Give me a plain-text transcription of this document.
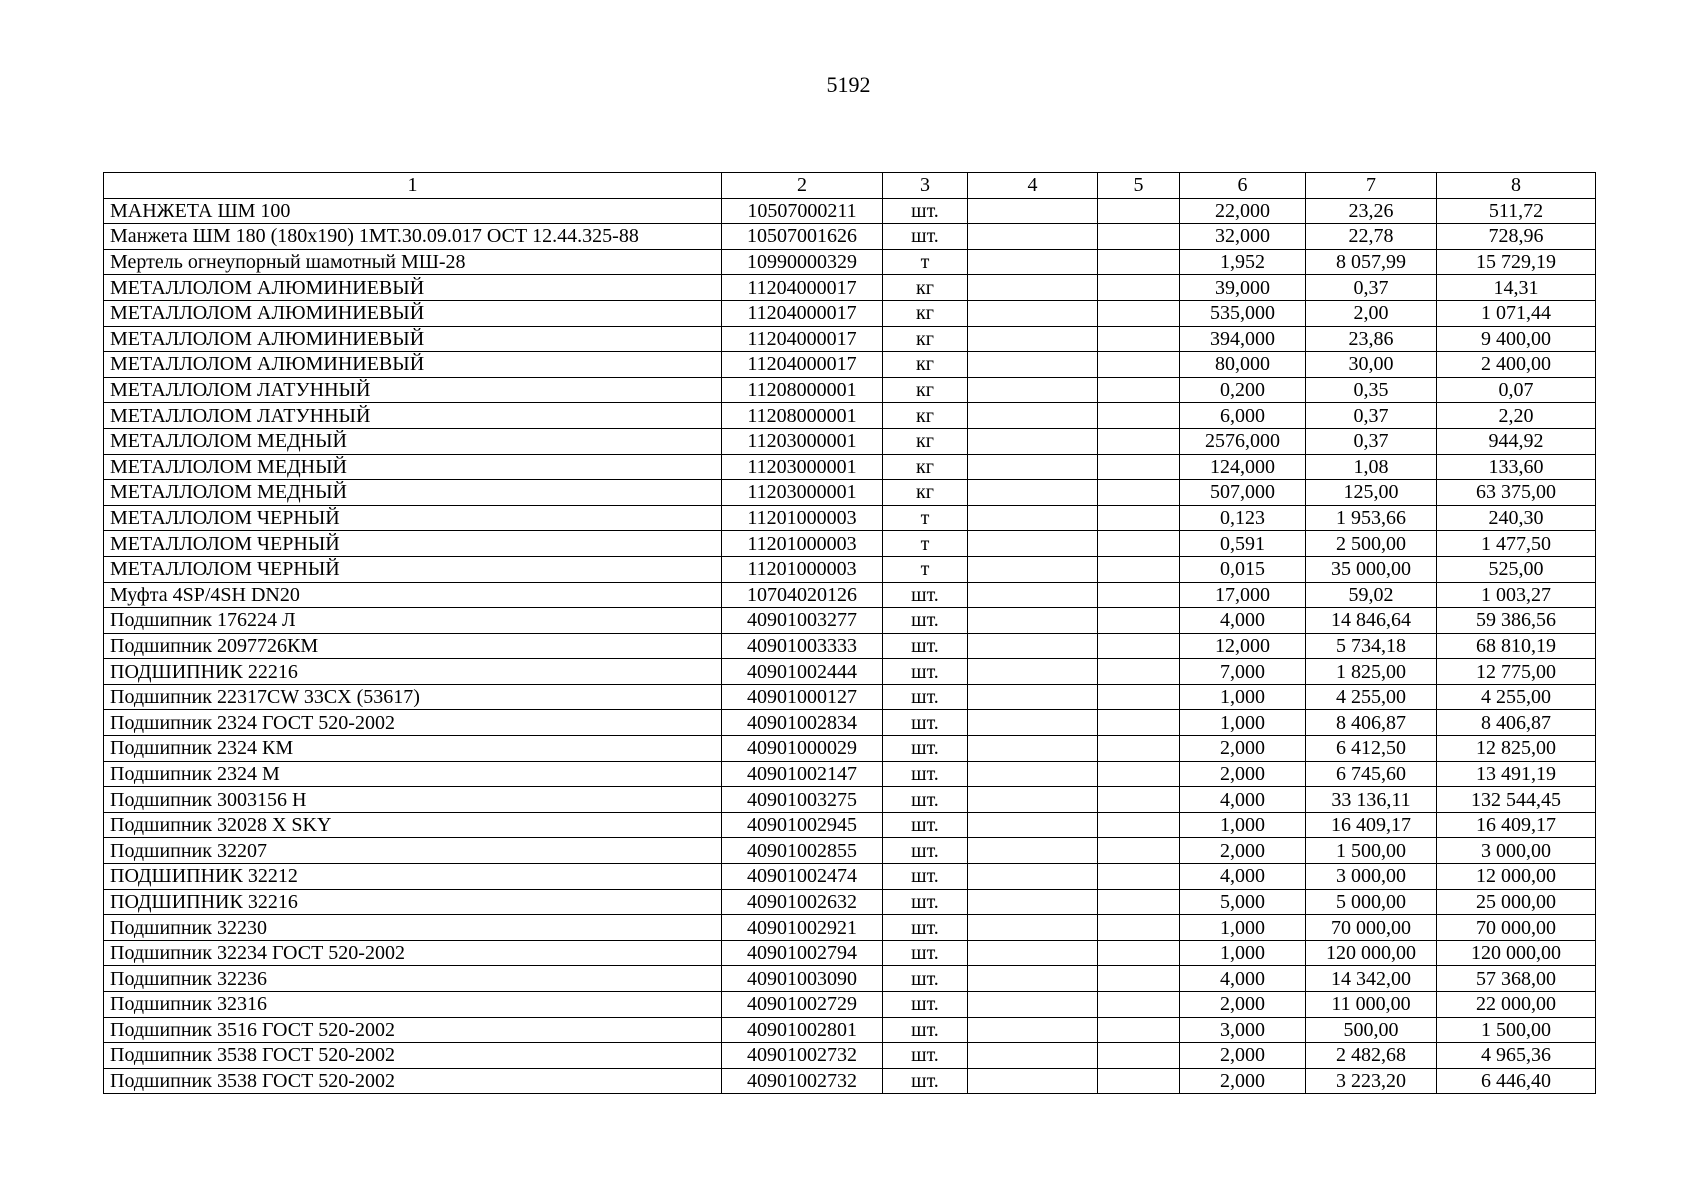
5192
1	2	3	4	5	6	7	8
МАНЖЕТА ШМ 100	10507000211	шт.			22,000	23,26	511,72
Манжета ШМ 180 (180х190) 1МТ.30.09.017 ОСТ 12.44.325-88	10507001626	шт.			32,000	22,78	728,96
Мертель огнеупорный шамотный МШ-28	10990000329	т			1,952	8 057,99	15 729,19
МЕТАЛЛОЛОМ АЛЮМИНИЕВЫЙ	11204000017	кг			39,000	0,37	14,31
МЕТАЛЛОЛОМ АЛЮМИНИЕВЫЙ	11204000017	кг			535,000	2,00	1 071,44
МЕТАЛЛОЛОМ АЛЮМИНИЕВЫЙ	11204000017	кг			394,000	23,86	9 400,00
МЕТАЛЛОЛОМ АЛЮМИНИЕВЫЙ	11204000017	кг			80,000	30,00	2 400,00
МЕТАЛЛОЛОМ ЛАТУННЫЙ	11208000001	кг			0,200	0,35	0,07
МЕТАЛЛОЛОМ ЛАТУННЫЙ	11208000001	кг			6,000	0,37	2,20
МЕТАЛЛОЛОМ МЕДНЫЙ	11203000001	кг			2576,000	0,37	944,92
МЕТАЛЛОЛОМ МЕДНЫЙ	11203000001	кг			124,000	1,08	133,60
МЕТАЛЛОЛОМ МЕДНЫЙ	11203000001	кг			507,000	125,00	63 375,00
МЕТАЛЛОЛОМ ЧЕРНЫЙ	11201000003	т			0,123	1 953,66	240,30
МЕТАЛЛОЛОМ ЧЕРНЫЙ	11201000003	т			0,591	2 500,00	1 477,50
МЕТАЛЛОЛОМ ЧЕРНЫЙ	11201000003	т			0,015	35 000,00	525,00
Муфта 4SP/4SH DN20	10704020126	шт.			17,000	59,02	1 003,27
Подшипник 176224 Л	40901003277	шт.			4,000	14 846,64	59 386,56
Подшипник 2097726КМ	40901003333	шт.			12,000	5 734,18	68 810,19
ПОДШИПНИК 22216	40901002444	шт.			7,000	1 825,00	12 775,00
Подшипник 22317CW 33CX (53617)	40901000127	шт.			1,000	4 255,00	4 255,00
Подшипник 2324 ГОСТ 520-2002	40901002834	шт.			1,000	8 406,87	8 406,87
Подшипник 2324 КМ	40901000029	шт.			2,000	6 412,50	12 825,00
Подшипник 2324 М	40901002147	шт.			2,000	6 745,60	13 491,19
Подшипник 3003156 Н	40901003275	шт.			4,000	33 136,11	132 544,45
Подшипник 32028 X SKY	40901002945	шт.			1,000	16 409,17	16 409,17
Подшипник 32207	40901002855	шт.			2,000	1 500,00	3 000,00
ПОДШИПНИК 32212	40901002474	шт.			4,000	3 000,00	12 000,00
ПОДШИПНИК 32216	40901002632	шт.			5,000	5 000,00	25 000,00
Подшипник 32230	40901002921	шт.			1,000	70 000,00	70 000,00
Подшипник 32234 ГОСТ 520-2002	40901002794	шт.			1,000	120 000,00	120 000,00
Подшипник 32236	40901003090	шт.			4,000	14 342,00	57 368,00
Подшипник 32316	40901002729	шт.			2,000	11 000,00	22 000,00
Подшипник 3516 ГОСТ 520-2002	40901002801	шт.			3,000	500,00	1 500,00
Подшипник 3538 ГОСТ 520-2002	40901002732	шт.			2,000	2 482,68	4 965,36
Подшипник 3538 ГОСТ 520-2002	40901002732	шт.			2,000	3 223,20	6 446,40
